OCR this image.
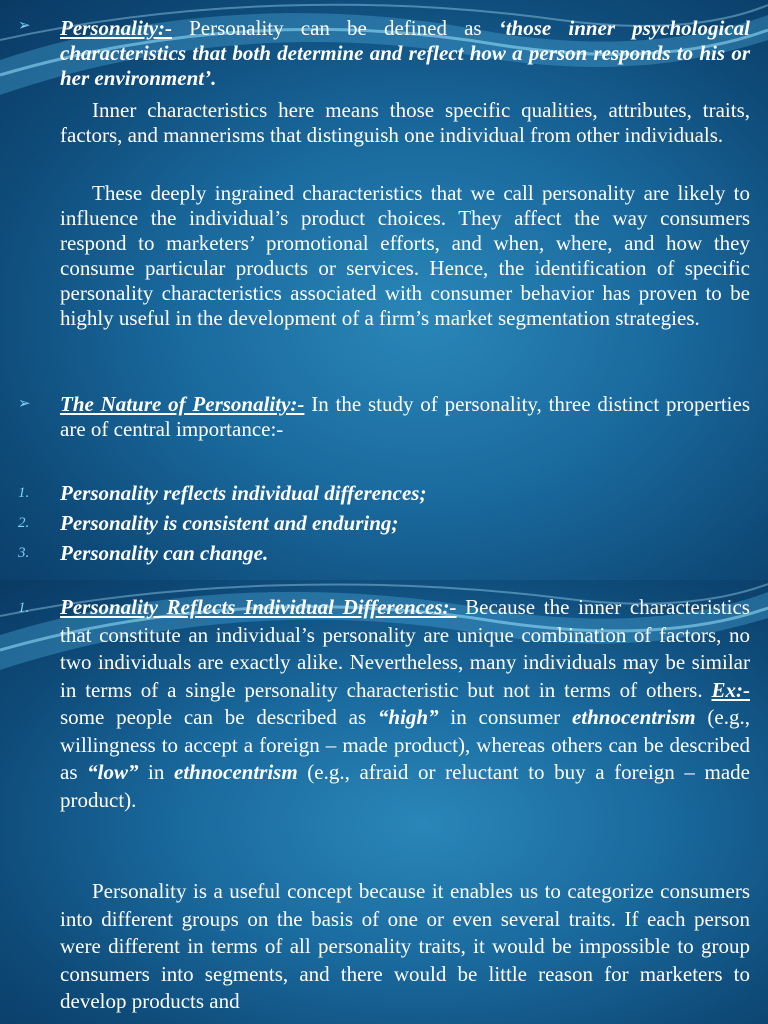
➢ Personality:- Personality can be defined as ‘those inner psychological characteristics that both determine and reflect how a person responds to his or her environment’.

Inner characteristics here means those specific qualities, attributes, traits, factors, and mannerisms that distinguish one individual from other individuals.

These deeply ingrained characteristics that we call personality are likely to influence the individual’s product choices. They affect the way consumers respond to marketers’ promotional efforts, and when, where, and how they consume particular products or services. Hence, the identification of specific personality characteristics associated with consumer behavior has proven to be highly useful in the development of a firm’s market segmentation strategies.

➢ The Nature of Personality:- In the study of personality, three distinct properties are of central importance:-

1. Personality reflects individual differences;

2. Personality is consistent and enduring;

3. Personality can change.

1. Personality Reflects Individual Differences:- Because the inner characteristics that constitute an individual’s personality are unique combination of factors, no two individuals are exactly alike. Nevertheless, many individuals may be similar in terms of a single personality characteristic but not in terms of others. Ex:- some people can be described as “high” in consumer ethnocentrism (e.g., willingness to accept a foreign – made product), whereas others can be described as “low” in ethnocentrism (e.g., afraid or reluctant to buy a foreign – made product).

Personality is a useful concept because it enables us to categorize consumers into different groups on the basis of one or even several traits. If each person were different in terms of all personality traits, it would be impossible to group consumers into segments, and there would be little reason for marketers to develop products and
